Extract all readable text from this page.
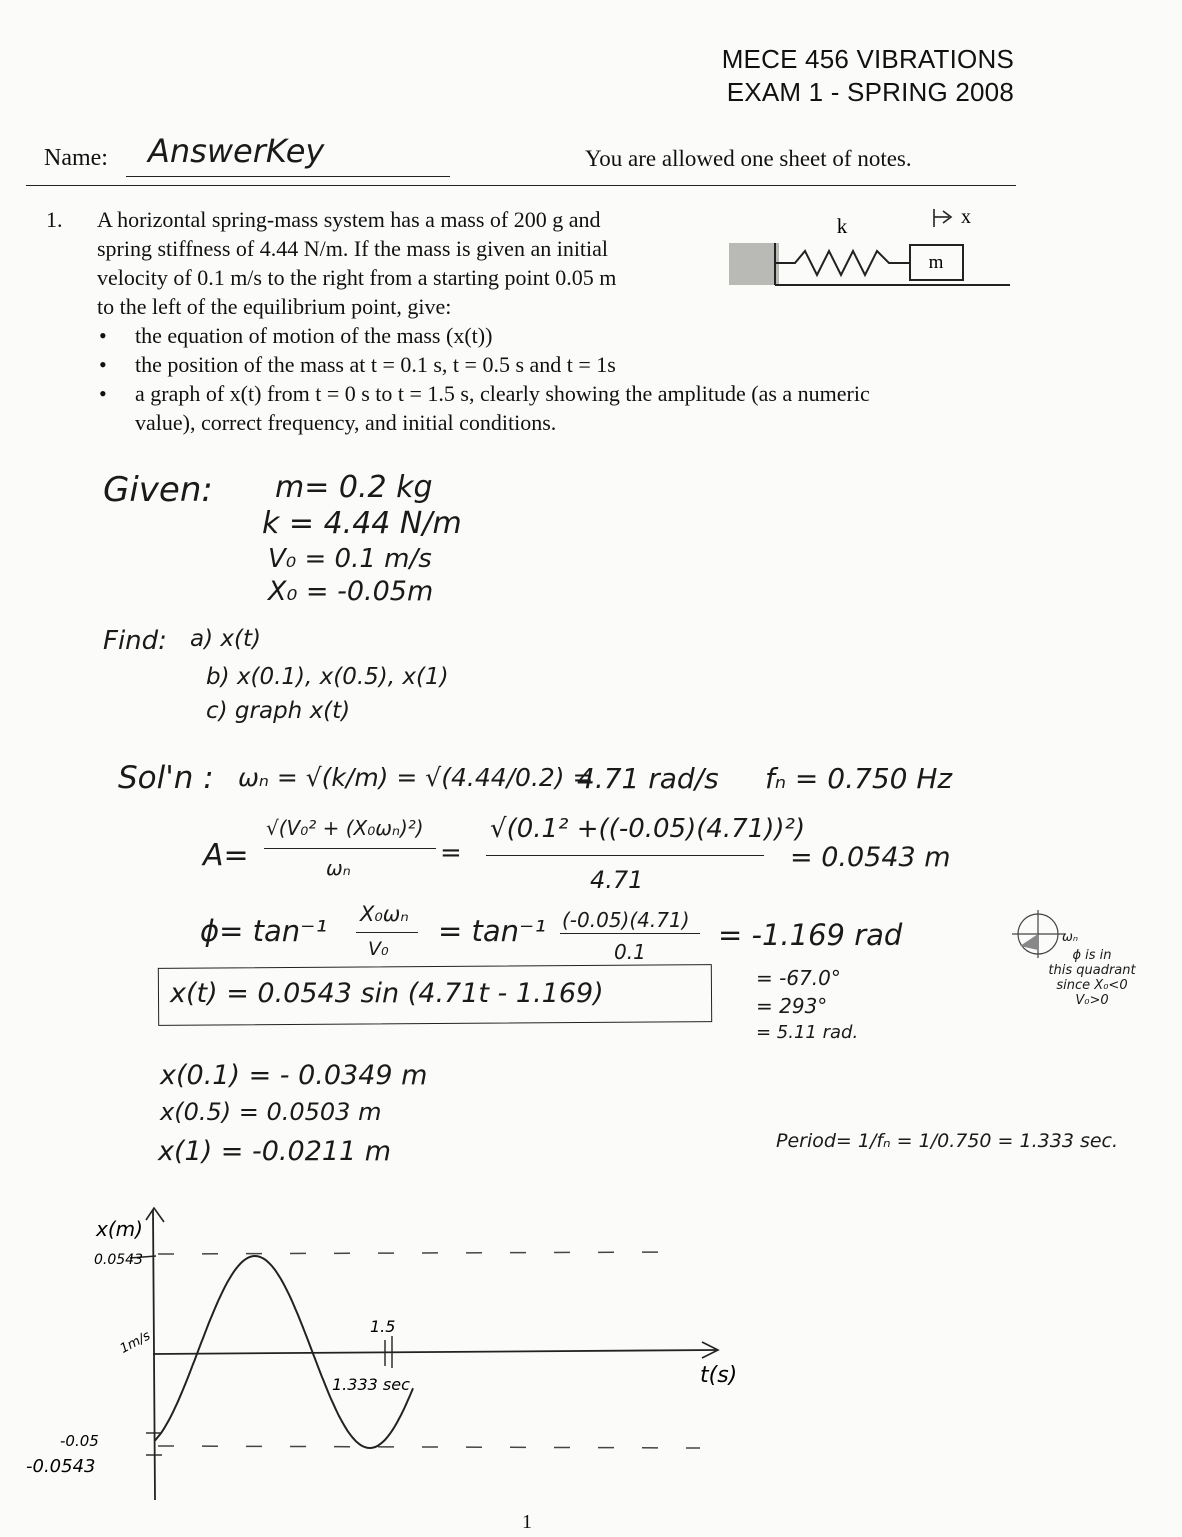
MECE 456 VIBRATIONS
EXAM 1 - SPRING 2008
Name: AnswerKey	You are allowed one sheet of notes.
1. A horizontal spring-mass system has a mass of 200 g and
spring stiffness of 4.44 N/m. If the mass is given an initial
velocity of 0.1 m/s to the right from a starting point 0.05 m
to the left of the equilibrium point, give:
• the equation of motion of the mass (x(t))
• the position of the mass at t = 0.1 s, t = 0.5 s and t = 1s
• a graph of x(t) from t = 0 s to t = 1.5 s, clearly showing the amplitude (as a numeric
value), correct frequency, and initial conditions.
m
k	x
Given: m= 0.2 kg
k = 4.44 N/m
V₀ = 0.1 m/s
X₀ = -0.05m
Find: a) x(t)
b) x(0.1), x(0.5), x(1)
c) graph x(t)
Sol'n : ωₙ = √(k/m) = √(4.44/0.2) =
4.71 rad/s fₙ = 0.750 Hz
A=
√(V₀² + (X₀ωₙ)²)
ωₙ	=
√(0.1² +((-0.05)(4.71))²)
4.71
= 0.0543 m
ϕ= tan⁻¹ X₀ωₙ
V₀
= tan⁻¹ (-0.05)(4.71)
0.1 = -1.169 rad	ωₙ
ϕ is in
this quadrant
since X₀<0
V₀>0
x(t) = 0.0543 sin (4.71t - 1.169)	= -67.0°
= 293°
= 5.11 rad.
x(0.1) = - 0.0349 m
x(0.5) = 0.0503 m
x(1) = -0.0211 m	Period= 1/fₙ = 1/0.750 = 1.333 sec.
x(m)
0.0543
-0.05
-0.0543
1m/s
1.5
1.333 sec	t(s)
1
